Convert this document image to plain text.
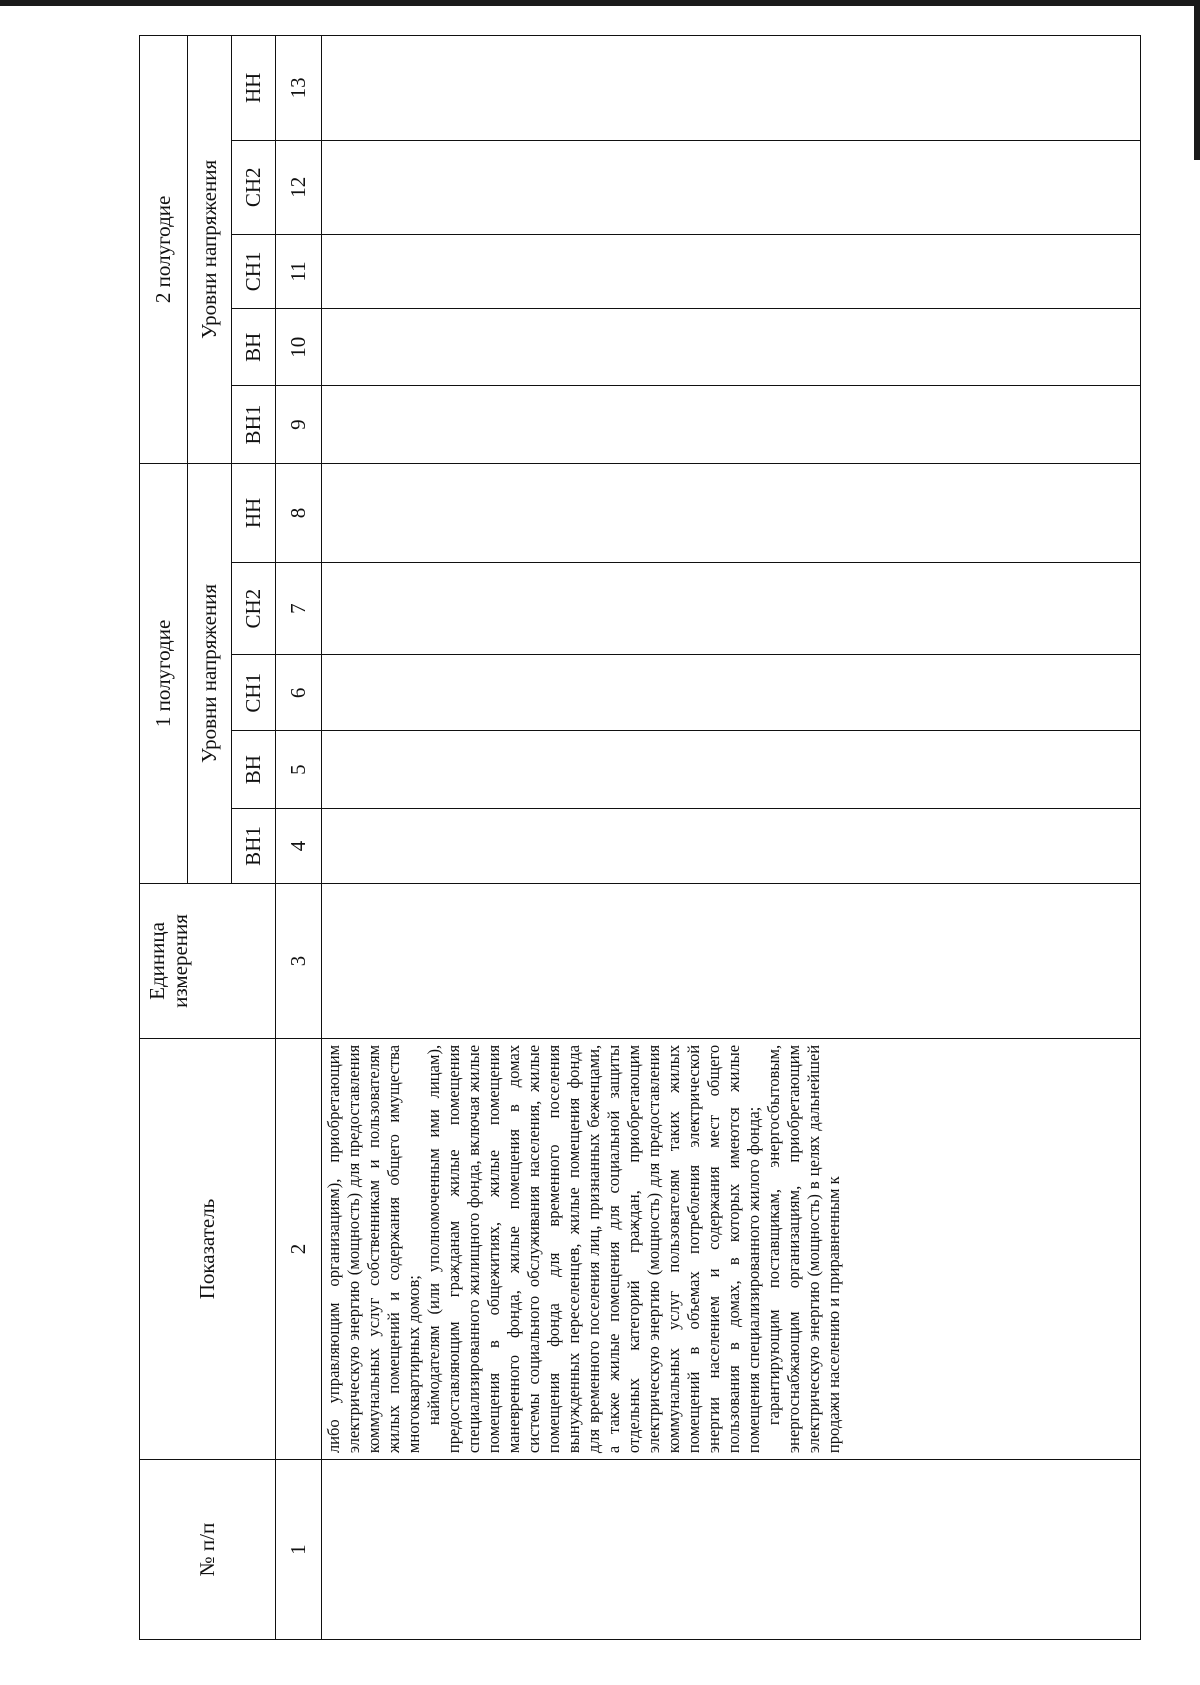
№ п/п	Показатель	Единица измерения	1 полугодие					2 полугодие				
			Уровни напряжения					Уровни напряжения				
			ВН1	ВН	СН1	СН2	НН	ВН1	ВН	СН1	СН2	НН
1	2	3	4	5	6	7	8	9	10	11	12	13

	либо управляющим организациям), приобретающим электрическую энергию (мощность) для предоставления коммунальных услуг собственникам и пользователям жилых помещений и содержания общего имущества многоквартирных домов; наймодателям (или уполномоченным ими лицам), предоставляющим гражданам жилые помещения специализированного жилищного фонда, включая жилые помещения в общежитиях, жилые помещения маневренного фонда, жилые помещения в домах системы социального обслуживания населения, жилые помещения фонда для временного поселения вынужденных переселенцев, жилые помещения фонда для временного поселения лиц, признанных беженцами, а также жилые помещения для социальной защиты отдельных категорий граждан, приобретающим электрическую энергию (мощность) для предоставления коммунальных услуг пользователям таких жилых помещений в объемах потребления электрической энергии населением и содержания мест общего пользования в домах, в которых имеются жилые помещения специализированного жилого фонда; гарантирующим поставщикам, энергосбытовым, энергоснабжающим организациям, приобретающим электрическую энергию (мощность) в целях дальнейшей продажи населению и приравненным к											
